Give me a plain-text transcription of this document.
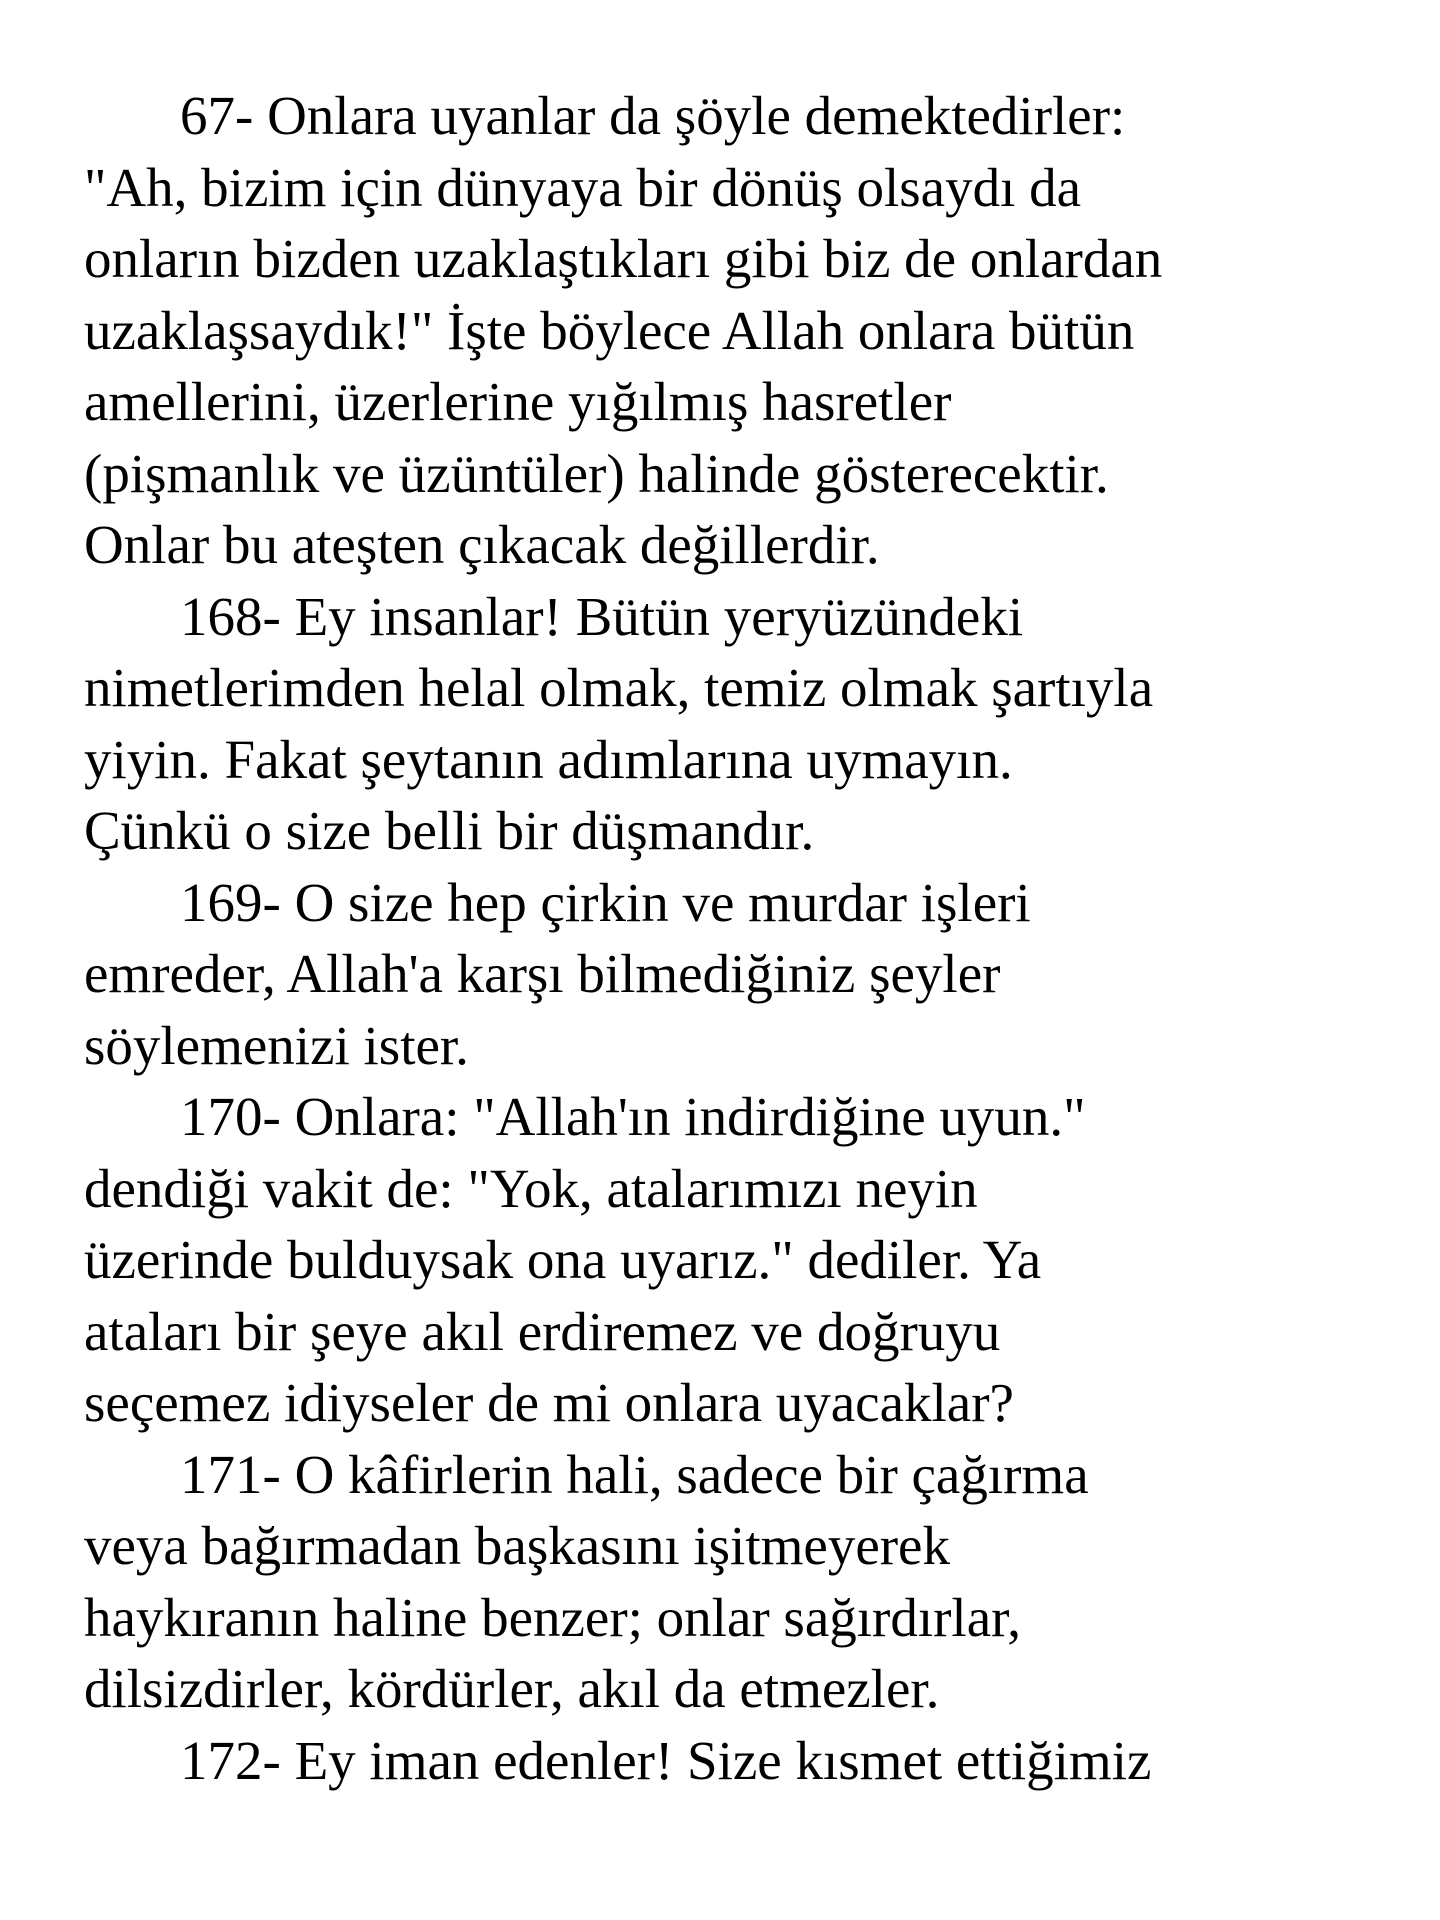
67- Onlara uyanlar da şöyle demektedirler:
"Ah, bizim için dünyaya bir dönüş olsaydı da
onların bizden uzaklaştıkları gibi biz de onlardan
uzaklaşsaydık!" İşte böylece Allah onlara bütün
amellerini, üzerlerine yığılmış hasretler
(pişmanlık ve üzüntüler) halinde gösterecektir.
Onlar bu ateşten çıkacak değillerdir.

168- Ey insanlar! Bütün yeryüzündeki
nimetlerimden helal olmak, temiz olmak şartıyla
yiyin. Fakat şeytanın adımlarına uymayın.
Çünkü o size belli bir düşmandır.

169- O size hep çirkin ve murdar işleri
emreder, Allah'a karşı bilmediğiniz şeyler
söylemenizi ister.

170- Onlara: "Allah'ın indirdiğine uyun."
dendiği vakit de: "Yok, atalarımızı neyin
üzerinde bulduysak ona uyarız." dediler. Ya
ataları bir şeye akıl erdiremez ve doğruyu
seçemez idiyseler de mi onlara uyacaklar?

171- O kâfirlerin hali, sadece bir çağırma
veya bağırmadan başkasını işitmeyerek
haykıranın haline benzer; onlar sağırdırlar,
dilsizdirler, kördürler, akıl da etmezler.

172- Ey iman edenler! Size kısmet ettiğimiz
